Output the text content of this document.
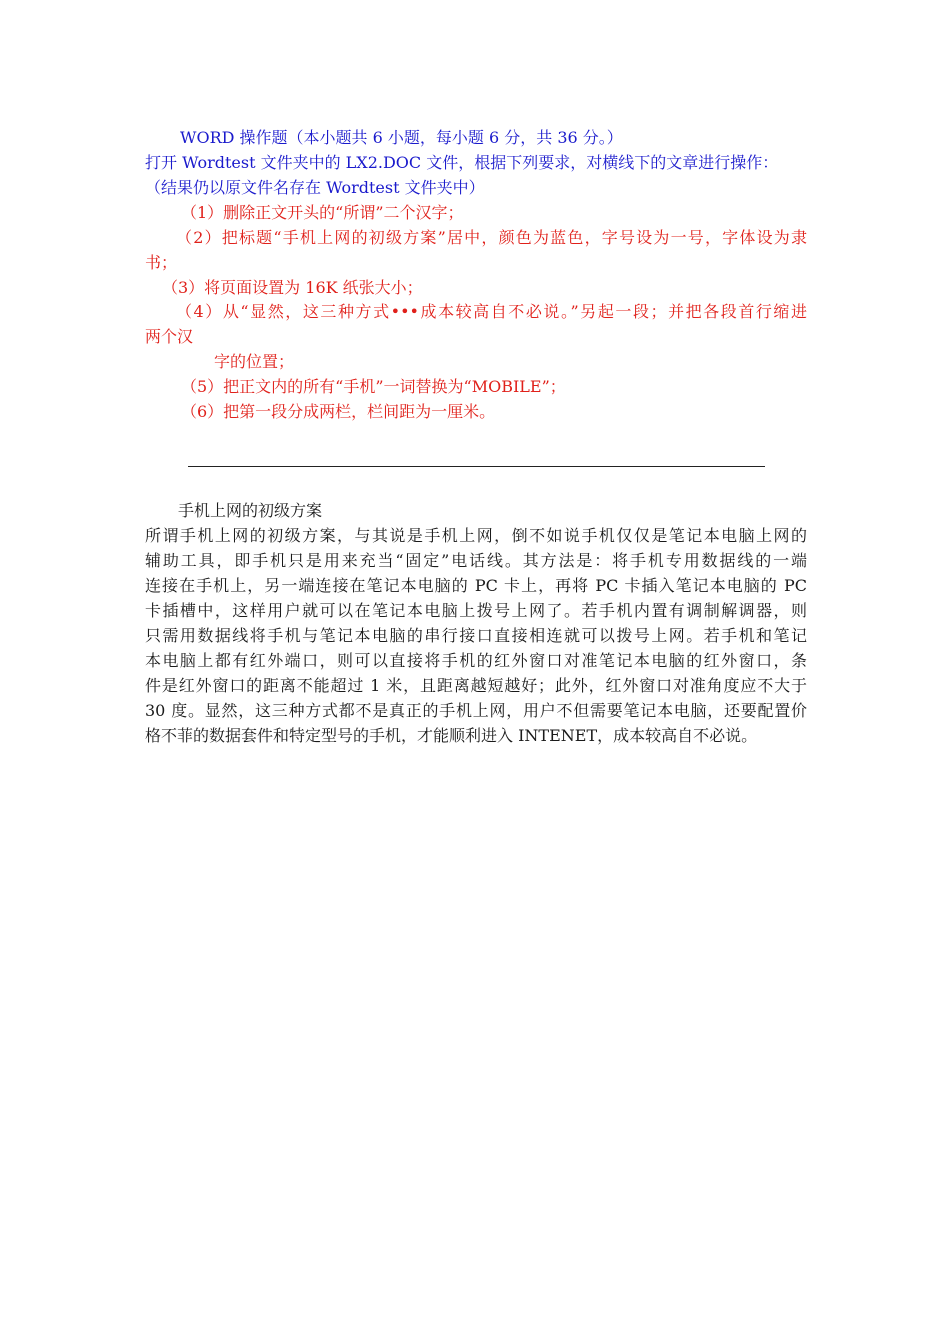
WORD 操作题（本小题共 6 小题，每小题 6 分，共 36 分。）
打开 Wordtest 文件夹中的 LX2.DOC 文件，根据下列要求，对横线下的文章进行操作：
（结果仍以原文件名存在 Wordtest 文件夹中）
（1）删除正文开头的“所谓”二个汉字；
（2）把标题“手机上网的初级方案”居中，颜色为蓝色，字号设为一号，字体设为隶
书；
（3）将页面设置为 16K 纸张大小；
（4）从“显然，这三种方式•••成本较高自不必说。”另起一段；并把各段首行缩进
两个汉
字的位置；
（5）把正文内的所有“手机”一词替换为“MOBILE”；
（6）把第一段分成两栏，栏间距为一厘米。
手机上网的初级方案
所谓手机上网的初级方案，与其说是手机上网，倒不如说手机仅仅是笔记本电脑上网的
辅助工具，即手机只是用来充当“固定”电话线。其方法是：将手机专用数据线的一端
连接在手机上，另一端连接在笔记本电脑的 PC 卡上，再将 PC 卡插入笔记本电脑的 PC
卡插槽中，这样用户就可以在笔记本电脑上拨号上网了。若手机内置有调制解调器，则
只需用数据线将手机与笔记本电脑的串行接口直接相连就可以拨号上网。若手机和笔记
本电脑上都有红外端口，则可以直接将手机的红外窗口对准笔记本电脑的红外窗口，条
件是红外窗口的距离不能超过 1 米，且距离越短越好；此外，红外窗口对准角度应不大于
30 度。显然，这三种方式都不是真正的手机上网，用户不但需要笔记本电脑，还要配置价
格不菲的数据套件和特定型号的手机，才能顺利进入 INTENET，成本较高自不必说。
